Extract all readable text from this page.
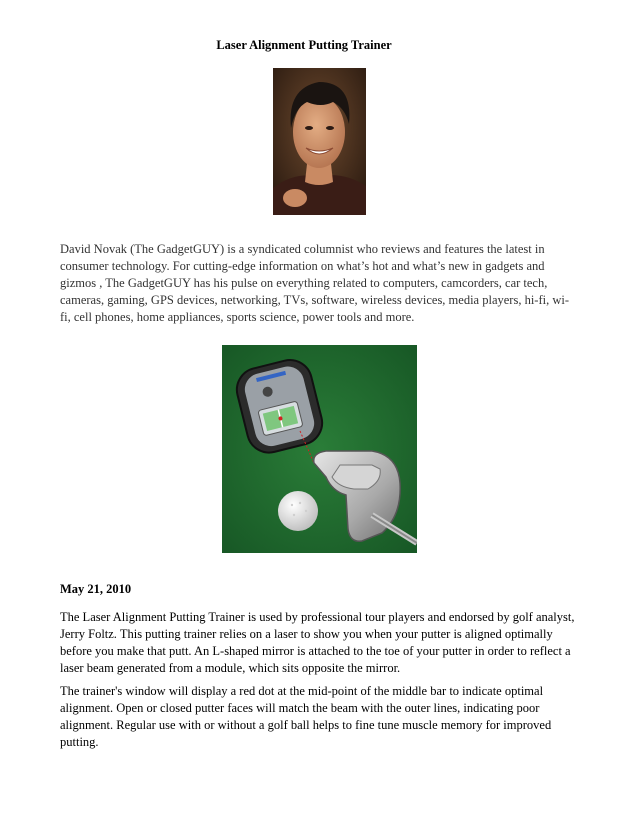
Laser Alignment Putting Trainer
David Novak (The GadgetGUY) is a syndicated columnist who reviews and features the latest in consumer technology. For cutting-edge information on what’s hot and what’s new in gadgets and gizmos , The GadgetGUY has his pulse on everything related to computers, camcorders, car tech, cameras, gaming, GPS devices, networking, TVs, software, wireless devices, media players, hi-fi, wi-fi, cell phones, home appliances, sports science, power tools and more.
May 21, 2010
The Laser Alignment Putting Trainer is used by professional tour players and endorsed by golf analyst, Jerry Foltz. This putting trainer relies on a laser to show you when your putter is aligned optimally before you make that putt. An L-shaped mirror is attached to the toe of your putter in order to reflect a laser beam generated from a module, which sits opposite the mirror.
The trainer's window will display a red dot at the mid-point of the middle bar to indicate optimal alignment. Open or closed putter faces will match the beam with the outer lines, indicating poor alignment. Regular use with or without a golf ball helps to fine tune muscle memory for improved putting.
